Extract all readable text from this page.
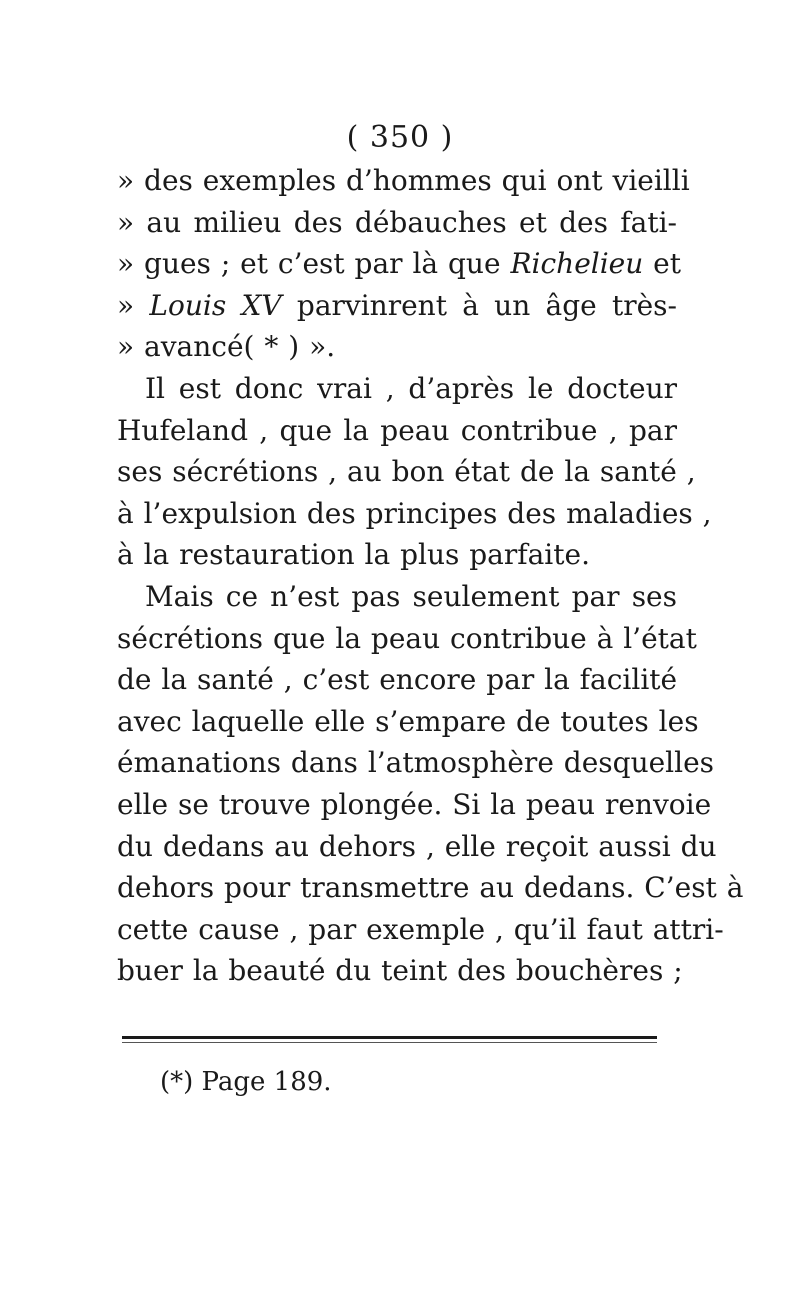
( 350 )
» des exemples d’hommes qui ont vieilli
» au milieu des débauches et des fati-
» gues ; et c’est par là que Richelieu et
» Louis XV parvinrent à un âge très-
» avancé( * ) ».
Il est donc vrai , d’après le docteur
Hufeland , que la peau contribue , par
ses sécrétions , au bon état de la santé ,
à l’expulsion des principes des maladies ,
à la restauration la plus parfaite.
Mais ce n’est pas seulement par ses
sécrétions que la peau contribue à l’état
de la santé , c’est encore par la facilité
avec laquelle elle s’empare de toutes les
émanations dans l’atmosphère desquelles
elle se trouve plongée. Si la peau renvoie
du dedans au dehors , elle reçoit aussi du
dehors pour transmettre au dedans. C’est à
cette cause , par exemple , qu’il faut attri-
buer la beauté du teint des bouchères ;
(*) Page 189.
